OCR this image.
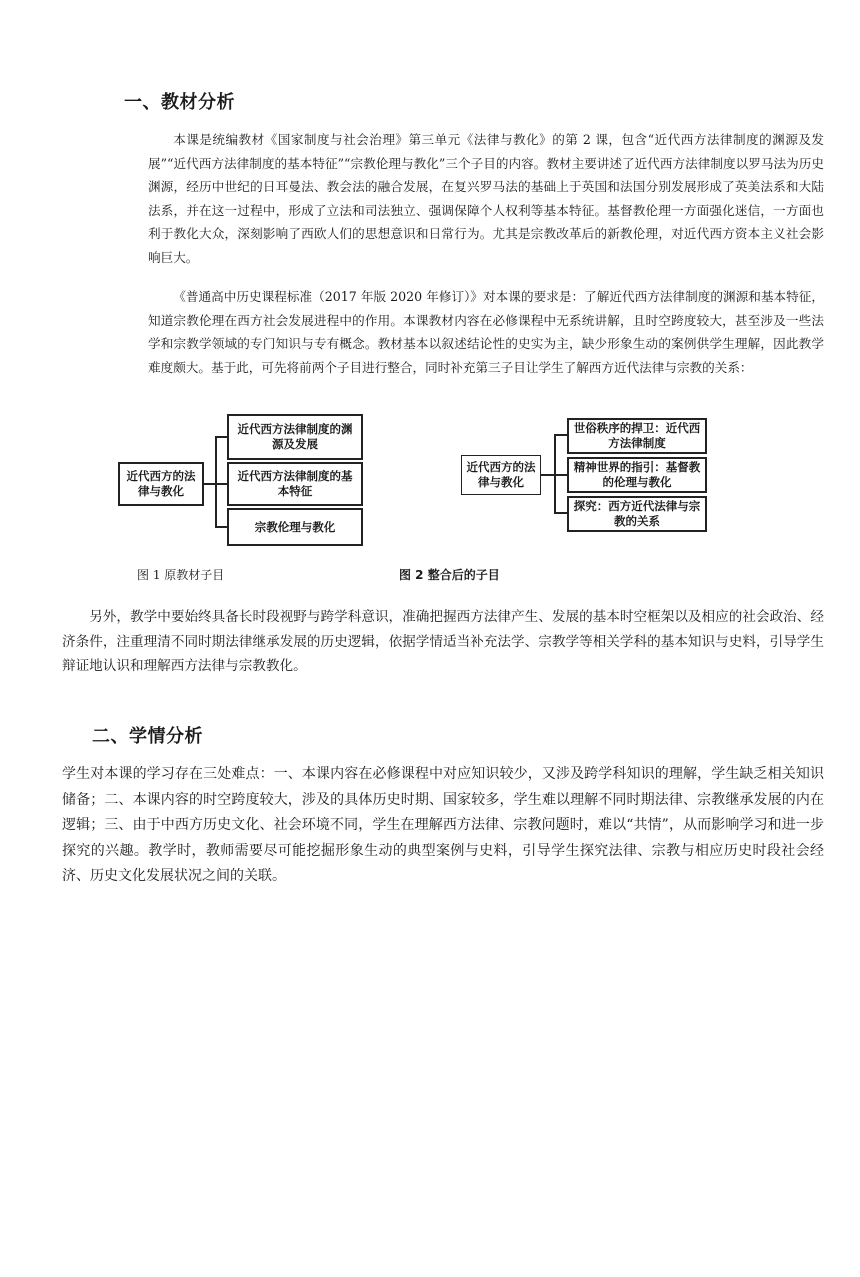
一、教材分析
本课是统编教材《国家制度与社会治理》第三单元《法律与教化》的第 2 课，包含“近代西方法律制度的渊源及发展”“近代西方法律制度的基本特征”“宗教伦理与教化”三个子目的内容。教材主要讲述了近代西方法律制度以罗马法为历史渊源，经历中世纪的日耳曼法、教会法的融合发展，在复兴罗马法的基础上于英国和法国分别发展形成了英美法系和大陆法系，并在这一过程中，形成了立法和司法独立、强调保障个人权利等基本特征。基督教伦理一方面强化迷信，一方面也利于教化大众，深刻影响了西欧人们的思想意识和日常行为。尤其是宗教改革后的新教伦理，对近代西方资本主义社会影响巨大。
《普通高中历史课程标准（2017 年版 2020 年修订）》对本课的要求是：了解近代西方法律制度的渊源和基本特征，知道宗教伦理在西方社会发展进程中的作用。本课教材内容在必修课程中无系统讲解，且时空跨度较大，甚至涉及一些法学和宗教学领域的专门知识与专有概念。教材基本以叙述结论性的史实为主，缺少形象生动的案例供学生理解，因此教学难度颇大。基于此，可先将前两个子目进行整合，同时补充第三子目让学生了解西方近代法律与宗教的关系：
近代西方的法律与教化
近代西方法律制度的渊源及发展
近代西方法律制度的基本特征
宗教伦理与教化
图 1 原教材子目
近代西方的法律与教化
世俗秩序的捍卫：近代西方法律制度
精神世界的指引：基督教的伦理与教化
探究：西方近代法律与宗教的关系
图 2 整合后的子目
另外，教学中要始终具备长时段视野与跨学科意识，准确把握西方法律产生、发展的基本时空框架以及相应的社会政治、经济条件，注重理清不同时期法律继承发展的历史逻辑，依据学情适当补充法学、宗教学等相关学科的基本知识与史料，引导学生辩证地认识和理解西方法律与宗教教化。
二、学情分析
学生对本课的学习存在三处难点：一、本课内容在必修课程中对应知识较少，又涉及跨学科知识的理解，学生缺乏相关知识储备；二、本课内容的时空跨度较大，涉及的具体历史时期、国家较多，学生难以理解不同时期法律、宗教继承发展的内在逻辑；三、由于中西方历史文化、社会环境不同，学生在理解西方法律、宗教问题时，难以“共情”，从而影响学习和进一步探究的兴趣。教学时，教师需要尽可能挖掘形象生动的典型案例与史料，引导学生探究法律、宗教与相应历史时段社会经济、历史文化发展状况之间的关联。
